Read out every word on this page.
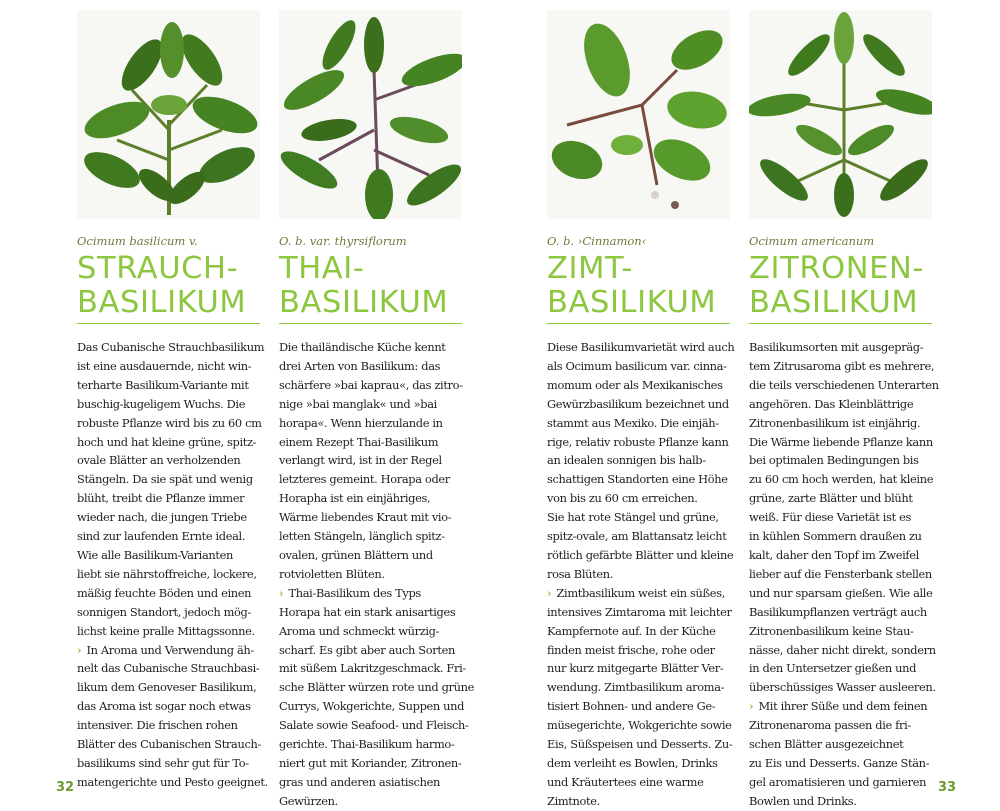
Ocimum basilicum v.
STRAUCH-
BASILIKUM
Das Cubanische Strauchbasilikum
ist eine ausdauernde, nicht win-
terharte Basilikum-Variante mit
buschig-kugeligem Wuchs. Die
robuste Pflanze wird bis zu 60 cm
hoch und hat kleine grüne, spitz-
ovale Blätter an verholzenden
Stängeln. Da sie spät und wenig
blüht, treibt die Pflanze immer
wieder nach, die jungen Triebe
sind zur laufenden Ernte ideal.
Wie alle Basilikum-Varianten
liebt sie nährstoffreiche, lockere,
mäßig feuchte Böden und einen
sonnigen Standort, jedoch mög-
lichst keine pralle Mittagssonne.
› In Aroma und Verwendung äh-
nelt das Cubanische Strauchbasi-
likum dem Genoveser Basilikum,
das Aroma ist sogar noch etwas
intensiver. Die frischen rohen
Blätter des Cubanischen Strauch-
basilikums sind sehr gut für To-
matengerichte und Pesto geeignet.
O. b. var. thyrsiflorum
THAI-
BASILIKUM
Die thailändische Küche kennt
drei Arten von Basilikum: das
schärfere »bai kaprau«, das zitro-
nige »bai manglak« und »bai
horapa«. Wenn hierzulande in
einem Rezept Thai-Basilikum
verlangt wird, ist in der Regel
letzteres gemeint. Horapa oder
Horaphа ist ein einjähriges,
Wärme liebendes Kraut mit vio-
letten Stängeln, länglich spitz-
ovalen, grünen Blättern und
rotvioletten Blüten.
› Thai-Basilikum des Typs
Horapa hat ein stark anisartiges
Aroma und schmeckt würzig-
scharf. Es gibt aber auch Sorten
mit süßem Lakritzgeschmack. Fri-
sche Blätter würzen rote und grüne
Currys, Wokgerichte, Suppen und
Salate sowie Seafood- und Fleisch-
gerichte. Thai-Basilikum harmo-
niert gut mit Koriander, Zitronen-
gras und anderen asiatischen
Gewürzen.
O. b. ›Cinnamon‹
ZIMT-
BASILIKUM
Diese Basilikumvarietät wird auch
als Ocimum basilicum var. cinna-
momum oder als Mexikanisches
Gewürzbasilikum bezeichnet und
stammt aus Mexiko. Die einjäh-
rige, relativ robuste Pflanze kann
an idealen sonnigen bis halb-
schattigen Standorten eine Höhe
von bis zu 60 cm erreichen.
Sie hat rote Stängel und grüne,
spitz-ovale, am Blattansatz leicht
rötlich gefärbte Blätter und kleine
rosa Blüten.
› Zimtbasilikum weist ein süßes,
intensives Zimtaroma mit leichter
Kampfernote auf. In der Küche
finden meist frische, rohe oder
nur kurz mitgegarte Blätter Ver-
wendung. Zimtbasilikum aroma-
tisiert Bohnen- und andere Ge-
müsegerichte, Wokgerichte sowie
Eis, Süßspeisen und Desserts. Zu-
dem verleiht es Bowlen, Drinks
und Kräutertees eine warme
Zimtnote.
Ocimum americanum
ZITRONEN-
BASILIKUM
Basilikumsorten mit ausgepräg-
tem Zitrusaroma gibt es mehrere,
die teils verschiedenen Unterarten
angehören. Das Kleinblättrige
Zitronenbasilikum ist einjährig.
Die Wärme liebende Pflanze kann
bei optimalen Bedingungen bis
zu 60 cm hoch werden, hat kleine
grüne, zarte Blätter und blüht
weiß. Für diese Varietät ist es
in kühlen Sommern draußen zu
kalt, daher den Topf im Zweifel
lieber auf die Fensterbank stellen
und nur sparsam gießen. Wie alle
Basilikumpflanzen verträgt auch
Zitronenbasilikum keine Stau-
nässe, daher nicht direkt, sondern
in den Untersetzer gießen und
überschüssiges Wasser ausleeren.
› Mit ihrer Süße und dem feinen
Zitronenaroma passen die fri-
schen Blätter ausgezeichnet
zu Eis und Desserts. Ganze Stän-
gel aromatisieren und garnieren
Bowlen und Drinks.
32	33
